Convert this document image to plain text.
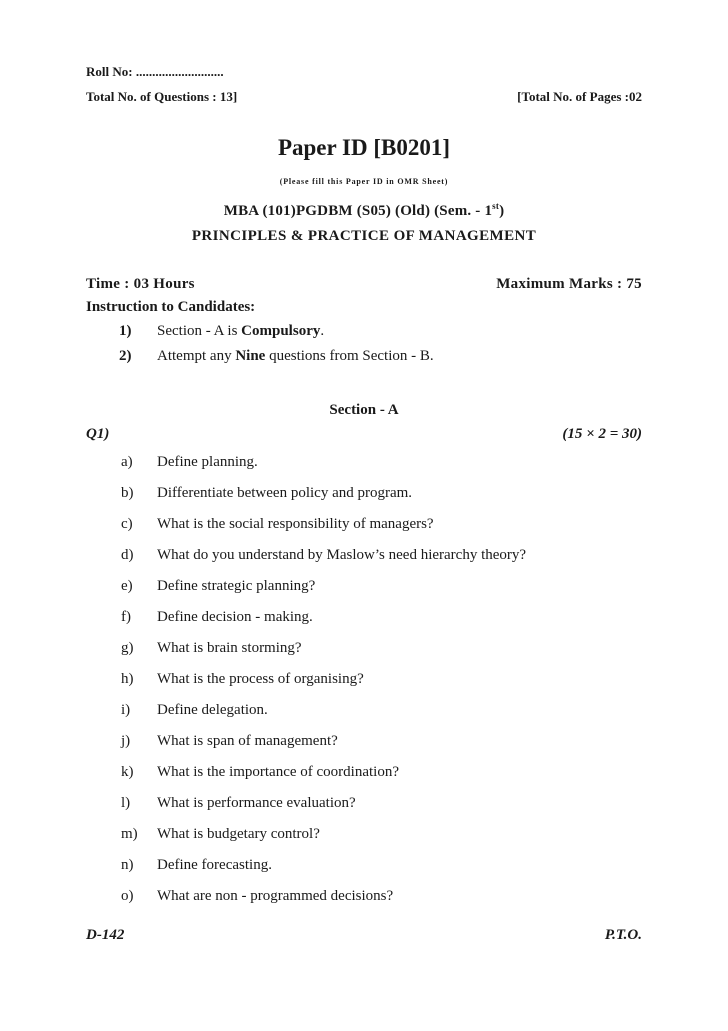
Roll No: ...........................
Total No. of Questions : 13]	[Total No. of Pages :02
Paper ID [B0201]
(Please fill this Paper ID in OMR Sheet)
MBA (101)PGDBM (S05) (Old) (Sem. - 1st)
PRINCIPLES & PRACTICE OF MANAGEMENT
Time : 03 Hours	Maximum Marks : 75
Instruction to Candidates:
1) Section - A is Compulsory.
2) Attempt any Nine questions from Section - B.
Section - A
Q1)	(15 × 2 = 30)
a) Define planning.
b) Differentiate between policy and program.
c) What is the social responsibility of managers?
d) What do you understand by Maslow’s need hierarchy theory?
e) Define strategic planning?
f) Define decision - making.
g) What is brain storming?
h) What is the process of organising?
i) Define delegation.
j) What is span of management?
k) What is the importance of coordination?
l) What is performance evaluation?
m) What is budgetary control?
n) Define forecasting.
o) What are non - programmed decisions?
D-142	P.T.O.
